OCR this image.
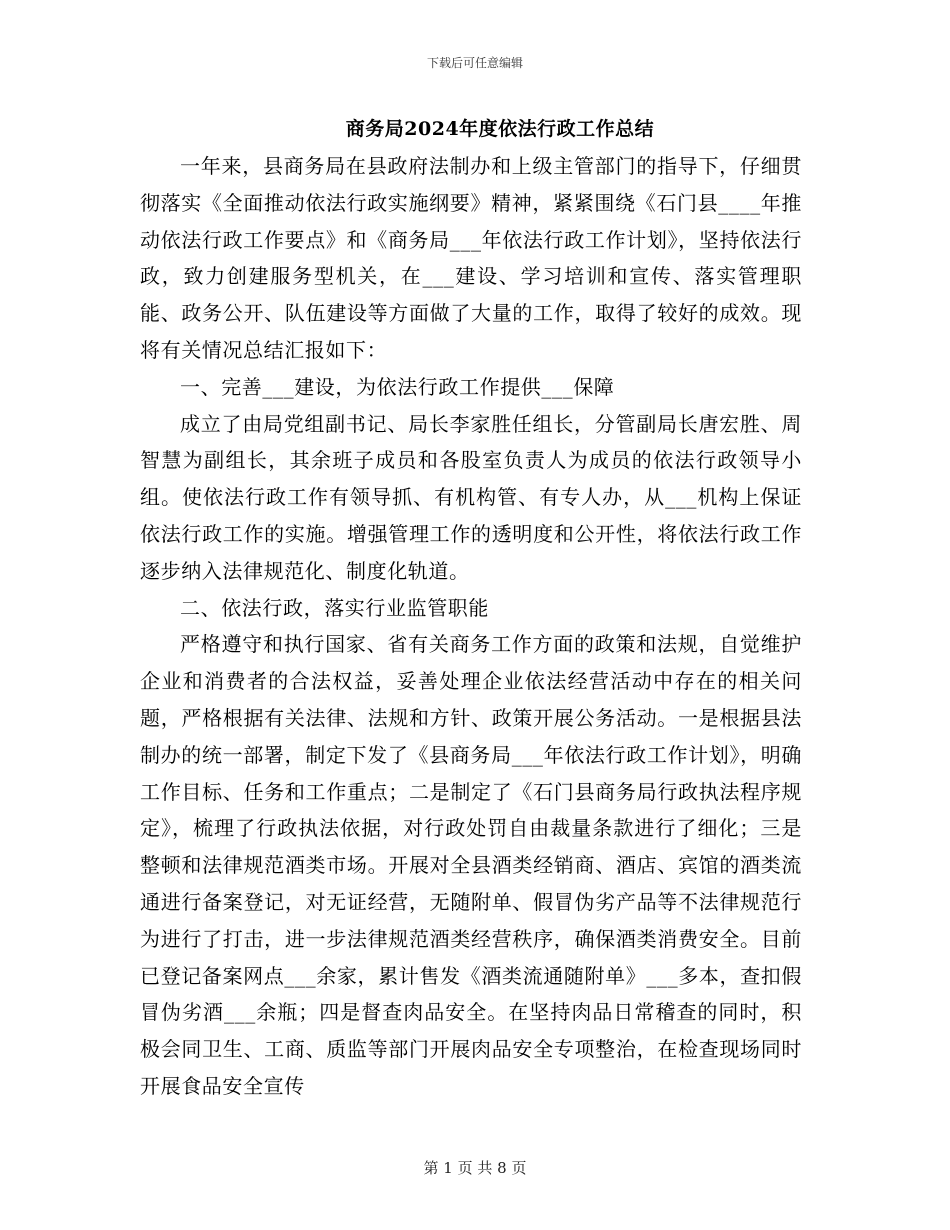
下载后可任意编辑
商务局2024年度依法行政工作总结

一年来，县商务局在县政府法制办和上级主管部门的指导下，仔细贯彻落实《全面推动依法行政实施纲要》精神，紧紧围绕《石门县____年推动依法行政工作要点》和《商务局___年依法行政工作计划》，坚持依法行政，致力创建服务型机关，在___建设、学习培训和宣传、落实管理职能、政务公开、队伍建设等方面做了大量的工作，取得了较好的成效。现将有关情况总结汇报如下：

一、完善___建设，为依法行政工作提供___保障

成立了由局党组副书记、局长李家胜任组长，分管副局长唐宏胜、周智慧为副组长，其余班子成员和各股室负责人为成员的依法行政领导小组。使依法行政工作有领导抓、有机构管、有专人办，从___机构上保证依法行政工作的实施。增强管理工作的透明度和公开性，将依法行政工作逐步纳入法律规范化、制度化轨道。

二、依法行政，落实行业监管职能

严格遵守和执行国家、省有关商务工作方面的政策和法规，自觉维护企业和消费者的合法权益，妥善处理企业依法经营活动中存在的相关问题，严格根据有关法律、法规和方针、政策开展公务活动。一是根据县法制办的统一部署，制定下发了《县商务局___年依法行政工作计划》，明确工作目标、任务和工作重点；二是制定了《石门县商务局行政执法程序规定》，梳理了行政执法依据，对行政处罚自由裁量条款进行了细化；三是整顿和法律规范酒类市场。开展对全县酒类经销商、酒店、宾馆的酒类流通进行备案登记，对无证经营，无随附单、假冒伪劣产品等不法律规范行为进行了打击，进一步法律规范酒类经营秩序，确保酒类消费安全。目前已登记备案网点___余家，累计售发《酒类流通随附单》___多本，查扣假冒伪劣酒___余瓶；四是督查肉品安全。在坚持肉品日常稽查的同时，积极会同卫生、工商、质监等部门开展肉品安全专项整治，在检查现场同时开展食品安全宣传

第 1 页 共 8 页
